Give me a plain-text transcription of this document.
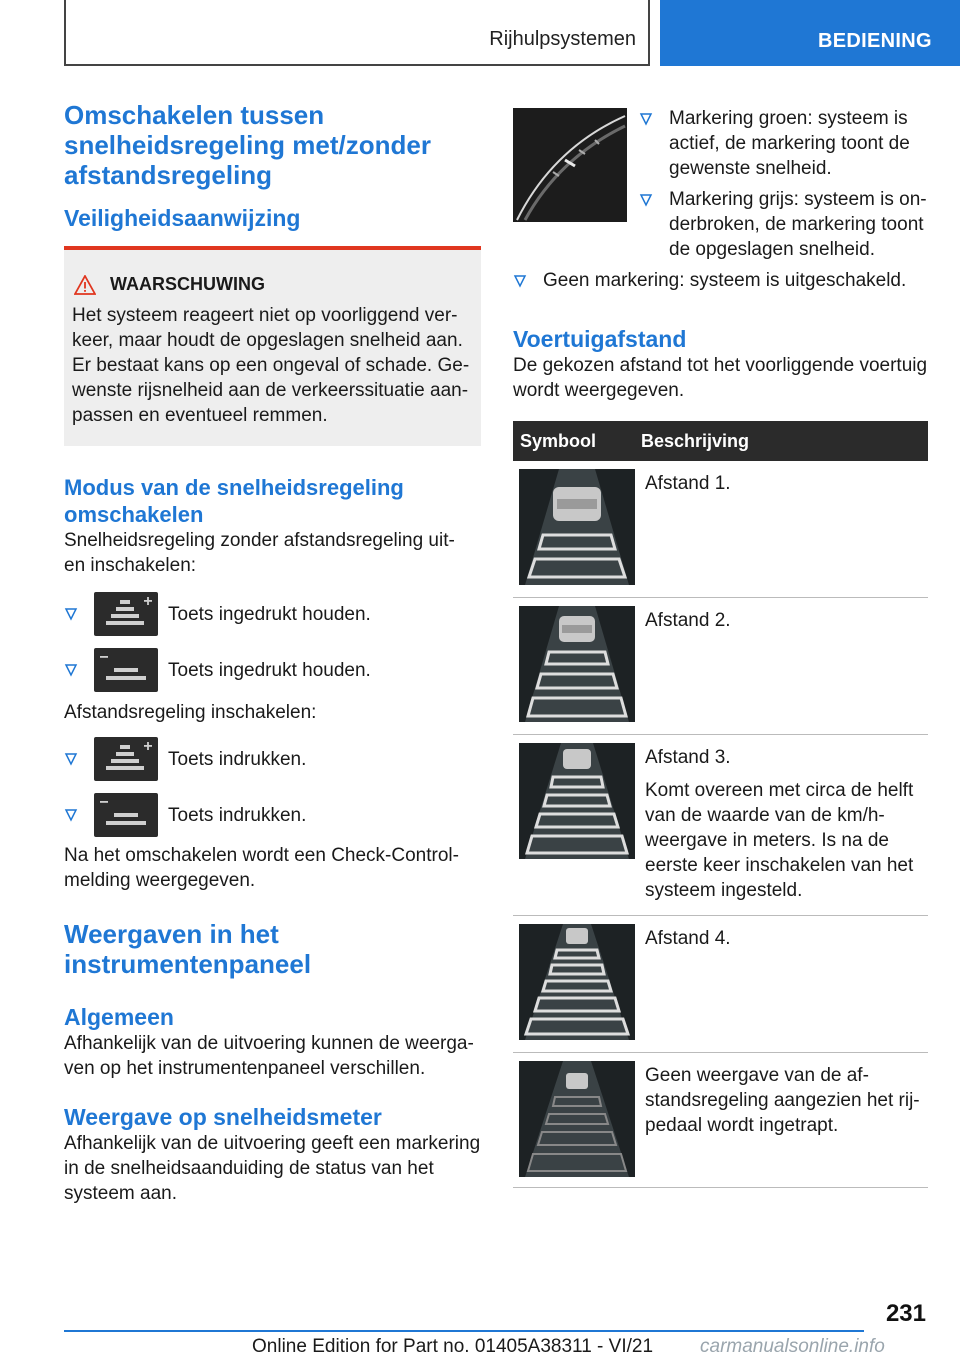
Rijhulpsystemen	BEDIENING
Omschakelen tussen snelheidsregeling met/zonder afstandsregeling
Veiligheidsaanwijzing
WAARSCHUWING
Het systeem reageert niet op voorliggend verkeer, maar houdt de opgeslagen snelheid aan. Er bestaat kans op een ongeval of schade. Gewenste rijsnelheid aan de verkeerssituatie aanpassen en eventueel remmen.
Modus van de snelheidsregeling omschakelen
Snelheidsregeling zonder afstandsregeling uit- en inschakelen:
Toets ingedrukt houden.
Toets ingedrukt houden.
Afstandsregeling inschakelen:
Toets indrukken.
Toets indrukken.
Na het omschakelen wordt een Check-Control-melding weergegeven.
Weergaven in het instrumentenpaneel
Algemeen
Afhankelijk van de uitvoering kunnen de weergaven op het instrumentenpaneel verschillen.
Weergave op snelheidsmeter
Afhankelijk van de uitvoering geeft een markering in de snelheidsaanduiding de status van het systeem aan.
Markering groen: systeem is actief, de markering toont de gewenste snelheid.
Markering grijs: systeem is onderbroken, de markering toont de opgeslagen snelheid.
Geen markering: systeem is uitgeschakeld.
Voertuigafstand
De gekozen afstand tot het voorliggende voertuig wordt weergegeven.
Symbool	Beschrijving
Afstand 1.
Afstand 2.
Afstand 3.
Komt overeen met circa de helft van de waarde van de km/h-weergave in meters. Is na de eerste keer inschakelen van het systeem ingesteld.
Afstand 4.
Geen weergave van de afstandsregeling aangezien het rijpedaal wordt ingetrapt.
231
Online Edition for Part no. 01405A38311 - VI/21 carmanualsonline.info
